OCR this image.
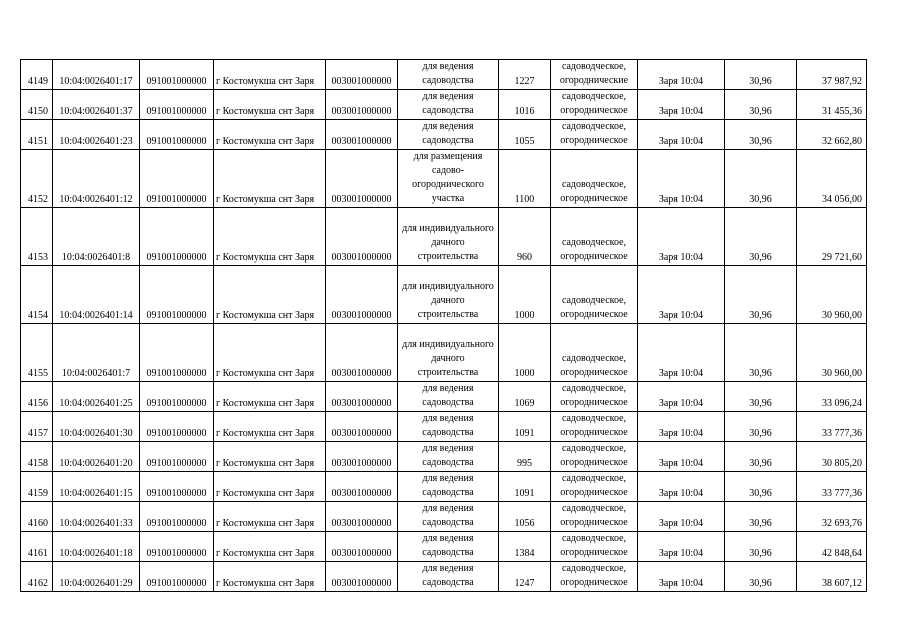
4149	10:04:0026401:17	091001000000	г Костомукша снт Заря	003001000000	для ведения садоводства	1227	садоводческое, огороднические	Заря 10:04	30,96	37 987,92
4150	10:04:0026401:37	091001000000	г Костомукша снт Заря	003001000000	для ведения садоводства	1016	садоводческое, огородническое	Заря 10:04	30,96	31 455,36
4151	10:04:0026401:23	091001000000	г Костомукша снт Заря	003001000000	для ведения садоводства	1055	садоводческое, огородническое	Заря 10:04	30,96	32 662,80
4152	10:04:0026401:12	091001000000	г Костомукша снт Заря	003001000000	для размещения садово-огороднического участка	1100	садоводческое, огородническое	Заря 10:04	30,96	34 056,00
4153	10:04:0026401:8	091001000000	г Костомукша снт Заря	003001000000	для индивидуального дачного строительства	960	садоводческое, огородническое	Заря 10:04	30,96	29 721,60
4154	10:04:0026401:14	091001000000	г Костомукша снт Заря	003001000000	для индивидуального дачного строительства	1000	садоводческое, огородническое	Заря 10:04	30,96	30 960,00
4155	10:04:0026401:7	091001000000	г Костомукша снт Заря	003001000000	для индивидуального дачного строительства	1000	садоводческое, огородническое	Заря 10:04	30,96	30 960,00
4156	10:04:0026401:25	091001000000	г Костомукша снт Заря	003001000000	для ведения садоводства	1069	садоводческое, огородническое	Заря 10:04	30,96	33 096,24
4157	10:04:0026401:30	091001000000	г Костомукша снт Заря	003001000000	для ведения садоводства	1091	садоводческое, огородническое	Заря 10:04	30,96	33 777,36
4158	10:04:0026401:20	091001000000	г Костомукша снт Заря	003001000000	для ведения садоводства	995	садоводческое, огородническое	Заря 10:04	30,96	30 805,20
4159	10:04:0026401:15	091001000000	г Костомукша снт Заря	003001000000	для ведения садоводства	1091	садоводческое, огородническое	Заря 10:04	30,96	33 777,36
4160	10:04:0026401:33	091001000000	г Костомукша снт Заря	003001000000	для ведения садоводства	1056	садоводческое, огородническое	Заря 10:04	30,96	32 693,76
4161	10:04:0026401:18	091001000000	г Костомукша снт Заря	003001000000	для ведения садоводства	1384	садоводческое, огородническое	Заря 10:04	30,96	42 848,64
4162	10:04:0026401:29	091001000000	г Костомукша снт Заря	003001000000	для ведения садоводства	1247	садоводческое, огородническое	Заря 10:04	30,96	38 607,12
